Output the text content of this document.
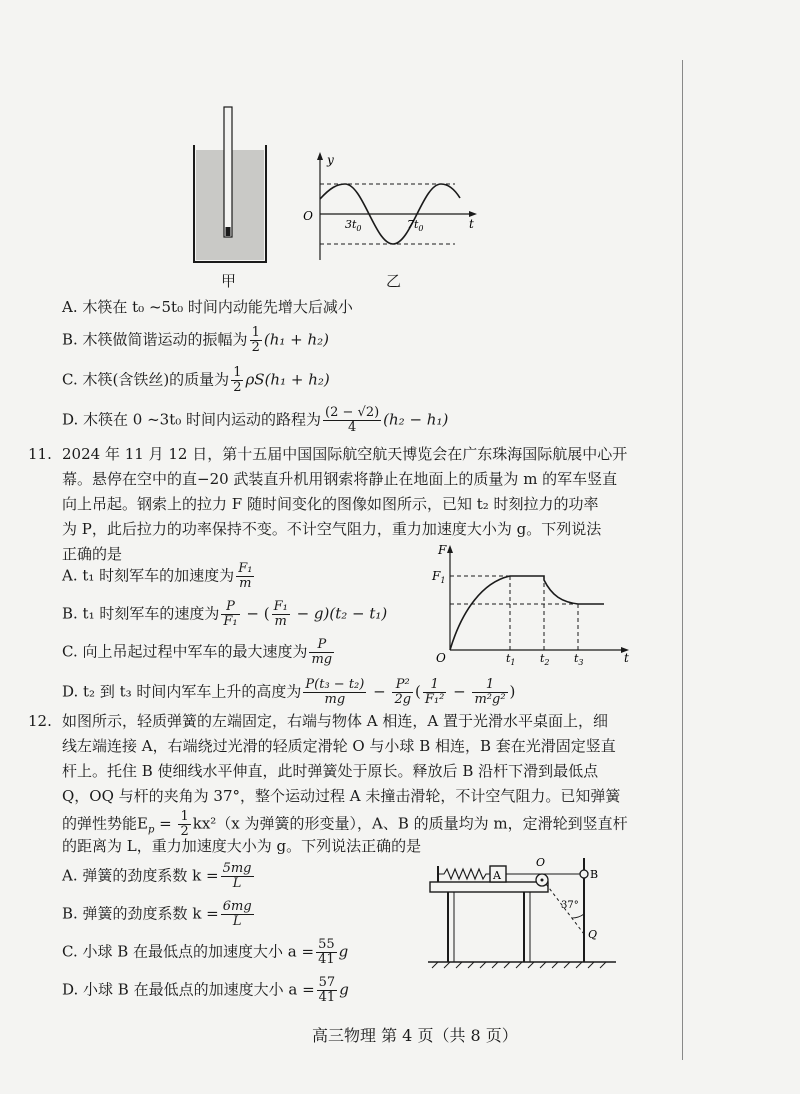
甲
O
y
t
$3t_0$	$7t_0$
乙
A. 木筷在 t₀ ~5t₀ 时间内动能先增大后减小
B. 木筷做简谐运动的振幅为 $\frac{1}{2} (h_1 + h_2)$
C. 木筷(含铁丝)的质量为 $\frac{1}{2} \rho S(h_1 + h_2)$
D. 木筷在 0 ~3t₀ 时间内运动的路程为 $\frac{(2 - √2)}{4} (h_2 - h_1)$
11. 2024 年 11 月 12 日，第十五届中国国际航空航天博览会在广东珠海国际航展中心开
幕。悬停在空中的直−20 武装直升机用钢索将静止在地面上的质量为 m 的军车竖直
向上吊起。钢索上的拉力 F 随时间变化的图像如图所示，已知 t₂ 时刻拉力的功率
为 P，此后拉力的功率保持不变。不计空气阻力，重力加速度大小为 g。下列说法
正确的是
A. t₁ 时刻军车的加速度为 $\frac{\text{F₁}}{m}$
B. t₁ 时刻军车的速度为 $\frac{P}{\text{F₁}}$ − ( $\frac{\text{F₁}}{m} - g)(t_2 - t_1)$
C. 向上吊起过程中军车的最大速度为 $\frac{P}{mg}$
D. t₂ 到 t₃ 时间内军车上升的高度为 $\frac{\text{P(t₃ − t₂)}}{mg} - \frac{\text{P²}}{2g}$ ( $\frac{1}{\text{F₁²}} - \frac{1}{\text{m²g²}}$ )
F
$F_1$
O	$t_1$ $t_2$ $t_3$	t
12. 如图所示，轻质弹簧的左端固定，右端与物体 A 相连，A 置于光滑水平桌面上，细
线左端连接 A，右端绕过光滑的轻质定滑轮 O 与小球 B 相连，B 套在光滑固定竖直
杆上。托住 B 使细线水平伸直，此时弹簧处于原长。释放后 B 沿杆下滑到最低点
Q，OQ 与杆的夹角为 37°，整个运动过程 A 未撞击滑轮，不计空气阻力。已知弹簧
的弹性势能$E_p = \frac{1}{2} kx^2(x$ 为弹簧的形变量），A、B 的质量均为 m，定滑轮到竖直杆
的距离为 L，重力加速度大小为 g。下列说法正确的是
A. 弹簧的劲度系数 $k = \frac{5mg}{L}$
B. 弹簧的劲度系数 $k = \frac{6mg}{L}$
C. 小球 B 在最低点的加速度大小 $a = \frac{55}{41}$ g
D. 小球 B 在最低点的加速度大小 $a = \frac{57}{41}$ g
A
O
B
37°
Q
高三物理 第 4 页（共 8 页）
